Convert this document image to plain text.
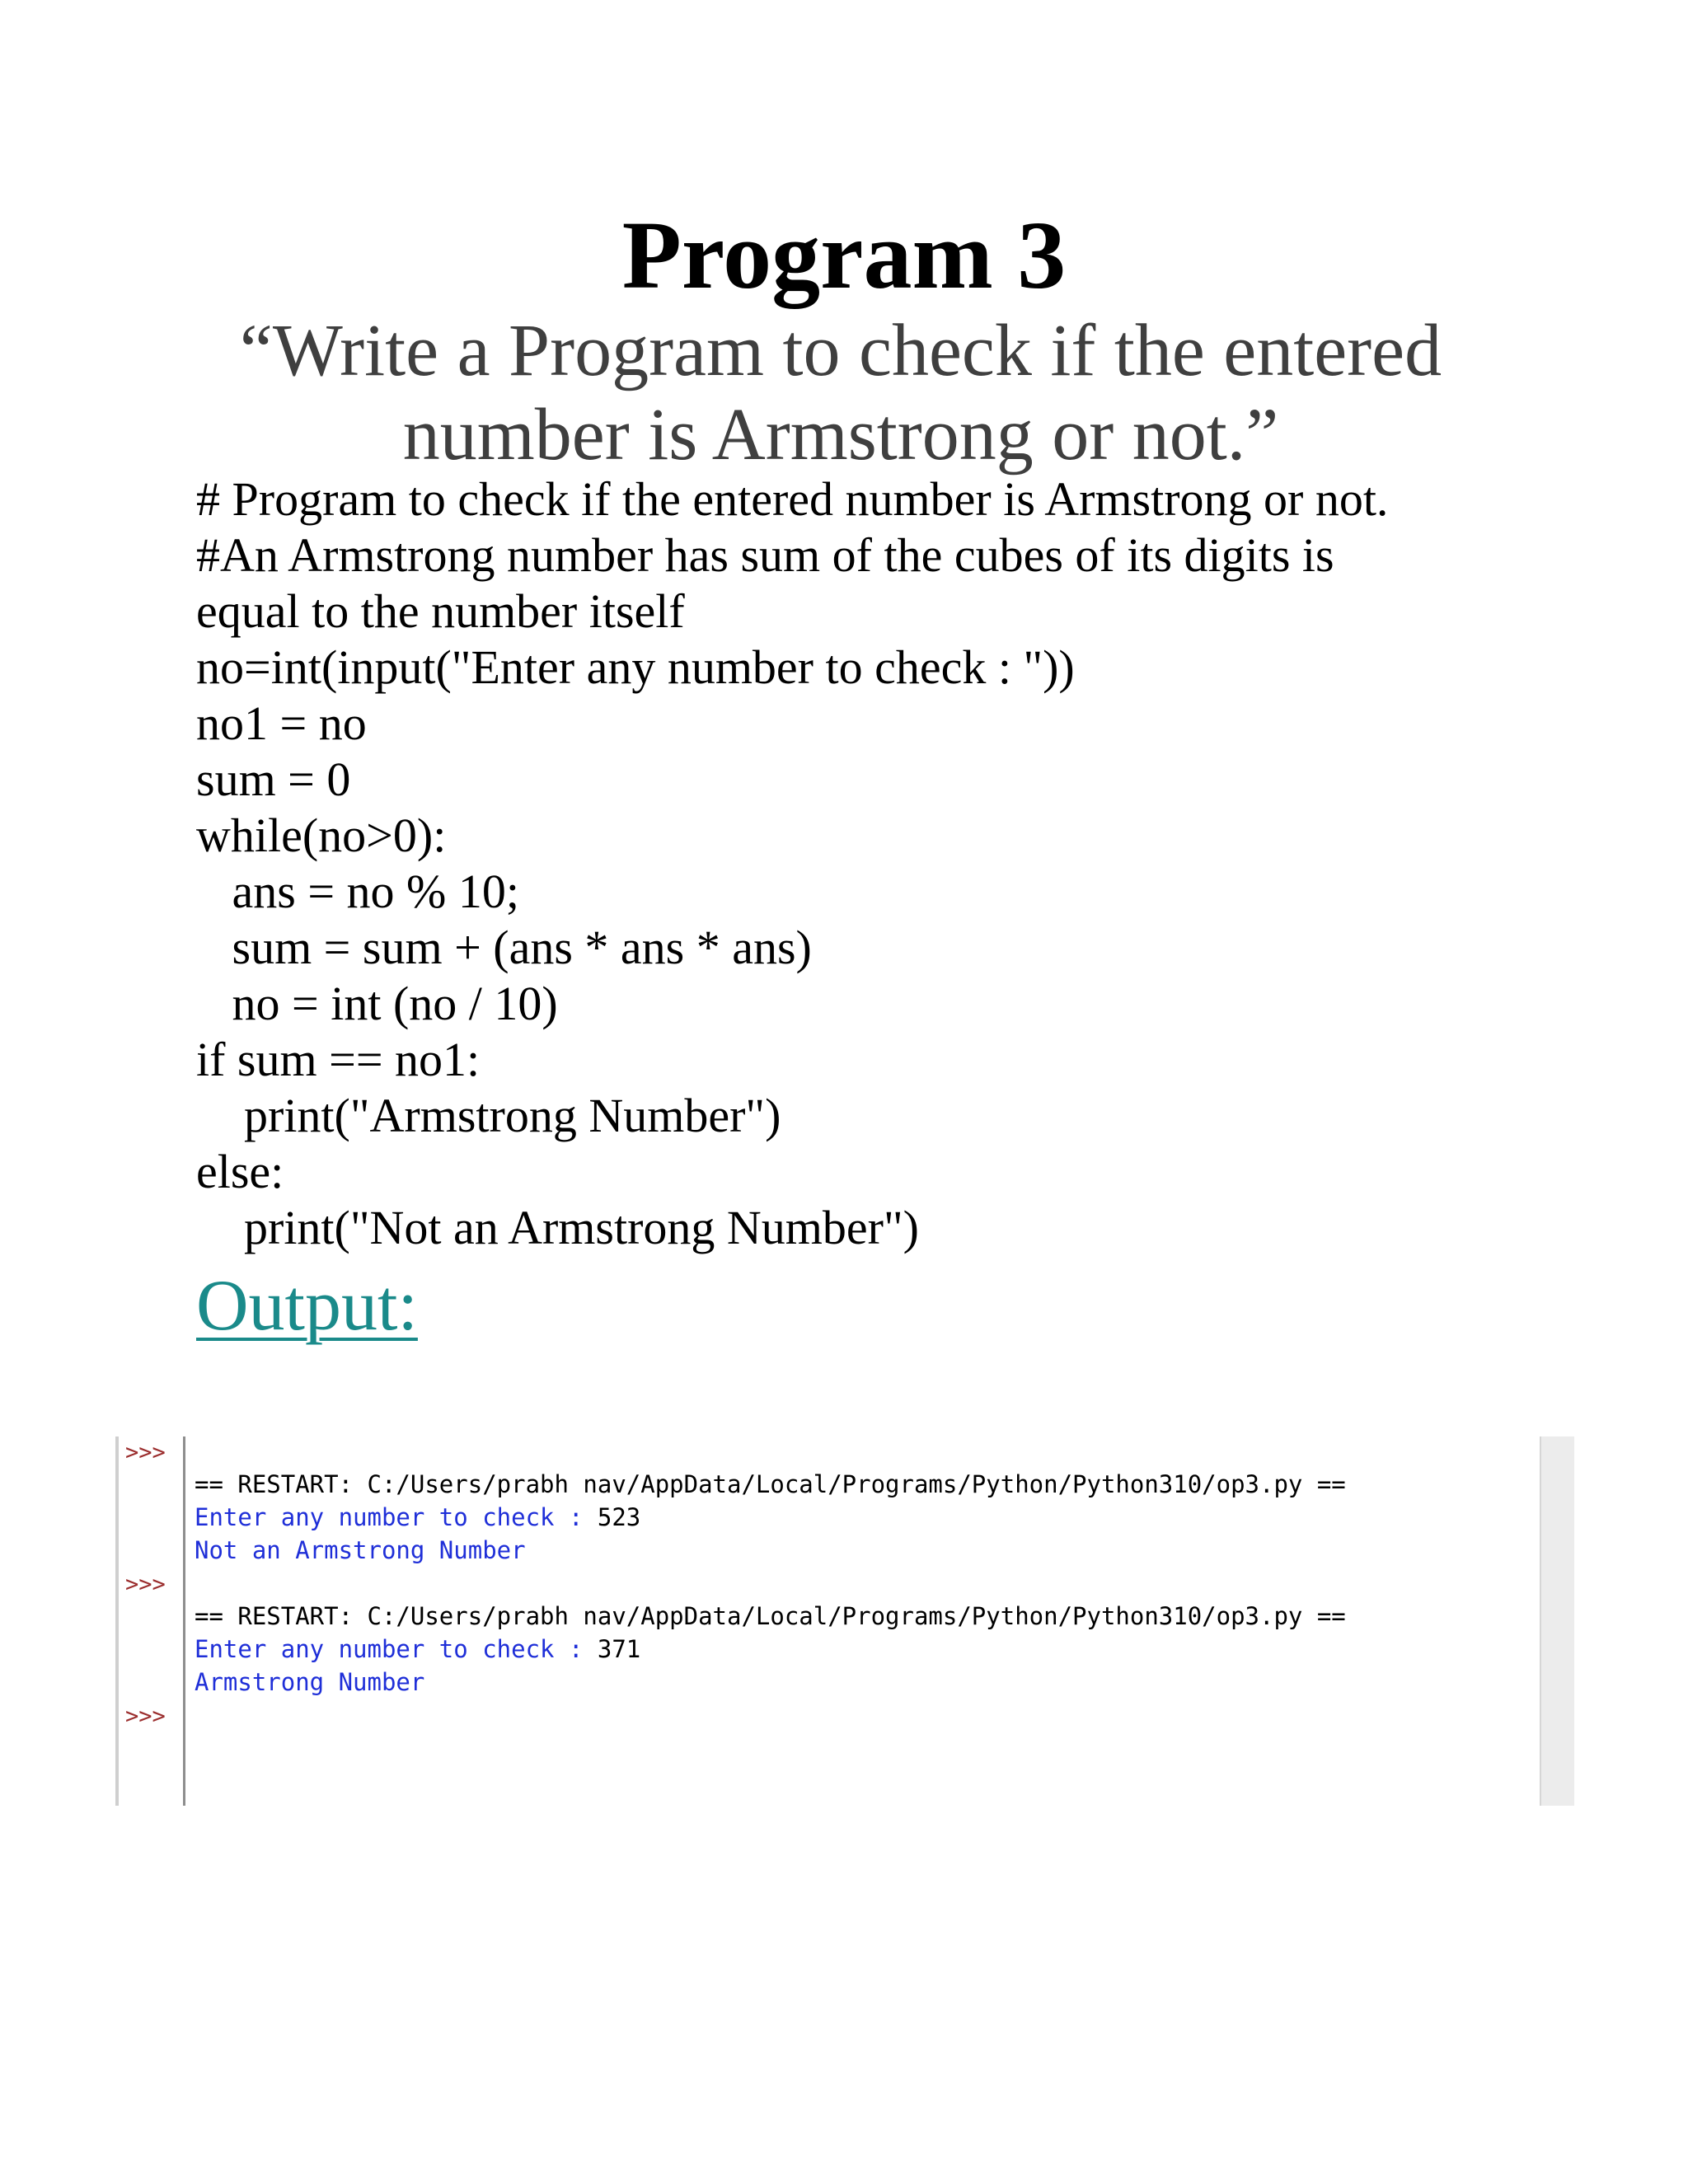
Program 3
“Write a Program to check if the entered number is Armstrong or not.”
# Program to check if the entered number is Armstrong or not.
#An Armstrong number has sum of the cubes of its digits is
equal to the number itself
no=int(input("Enter any number to check : "))
no1 = no
sum = 0
while(no>0):
ans = no % 10;
sum = sum + (ans * ans * ans)
no = int (no / 10)
if sum == no1:
print("Armstrong Number")
else:
print("Not an Armstrong Number")
Output:
>>>
== RESTART: C:/Users/prabh nav/AppData/Local/Programs/Python/Python310/op3.py ==
Enter any number to check : 523
Not an Armstrong Number
>>>
== RESTART: C:/Users/prabh nav/AppData/Local/Programs/Python/Python310/op3.py ==
Enter any number to check : 371
Armstrong Number
>>>
